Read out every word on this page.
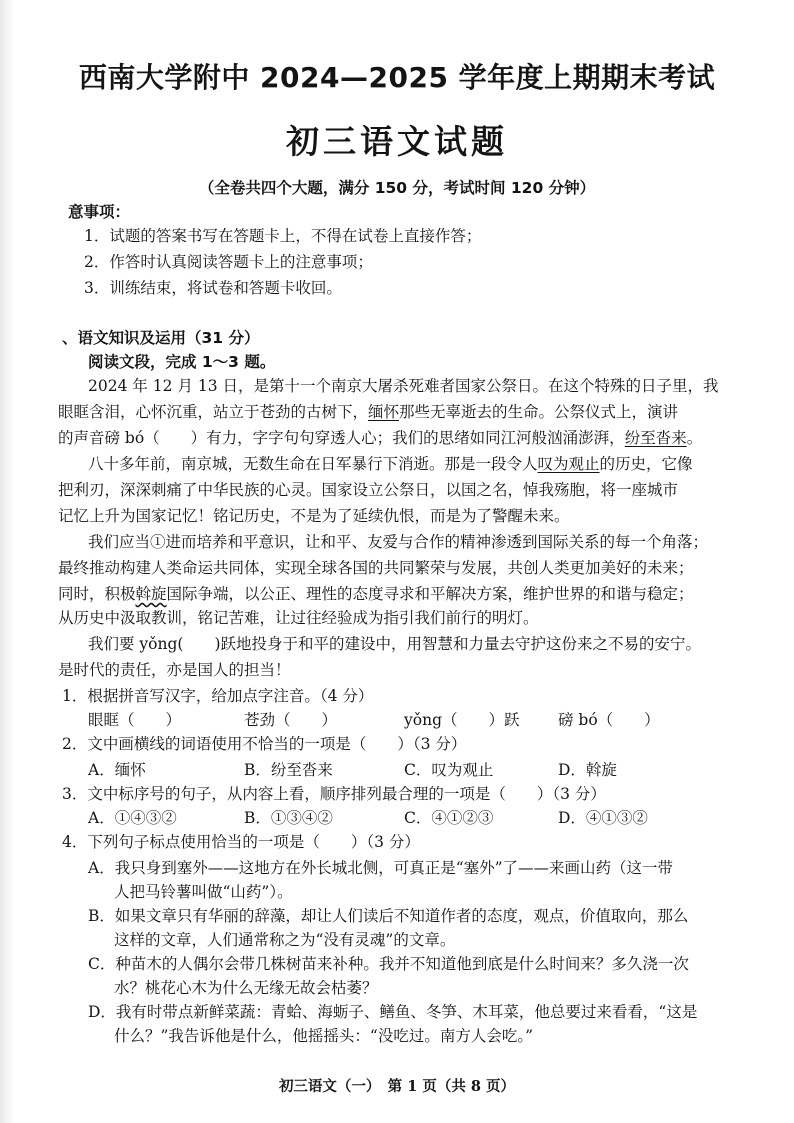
西南大学附中 2024—2025 学年度上期期末考试
初三语文试题
（全卷共四个大题，满分 150 分，考试时间 120 分钟）
意事项：
1．试题的答案书写在答题卡上，不得在试卷上直接作答；
2．作答时认真阅读答题卡上的注意事项；
3．训练结束，将试卷和答题卡收回。
、语文知识及运用（31 分）
阅读文段，完成 1～3 题。
2024 年 12 月 13 日，是第十一个南京大屠杀死难者国家公祭日。在这个特殊的日子里，我
眼眶含泪，心怀沉重，站立于苍劲的古树下，缅怀那些无辜逝去的生命。公祭仪式上，演讲
的声音磅 bó（　　）有力，字字句句穿透人心；我们的思绪如同江河般汹涌澎湃，纷至沓来。
八十多年前，南京城，无数生命在日军暴行下消逝。那是一段令人叹为观止的历史，它像
把利刃，深深刺痛了中华民族的心灵。国家设立公祭日，以国之名，悼我殇胞，将一座城市
记忆上升为国家记忆！铭记历史，不是为了延续仇恨，而是为了警醒未来。
我们应当①进而培养和平意识，让和平、友爱与合作的精神渗透到国际关系的每一个角落；
最终推动构建人类命运共同体，实现全球各国的共同繁荣与发展，共创人类更加美好的未来；
同时，积极斡旋国际争端，以公正、理性的态度寻求和平解决方案，维护世界的和谐与稳定；
从历史中汲取教训，铭记苦难，让过往经验成为指引我们前行的明灯。
我们要 yǒng(　　)跃地投身于和平的建设中，用智慧和力量去守护这份来之不易的安宁。
是时代的责任，亦是国人的担当！
1．根据拼音写汉字，给加点字注音。（4 分）
眼眶（　　）	苍劲（　　）	yǒng（　　）跃 磅 bó（　　）
2．文中画横线的词语使用不恰当的一项是（　　）（3 分）
A．缅怀	B．纷至沓来	C．叹为观止	D．斡旋
3．文中标序号的句子，从内容上看，顺序排列最合理的一项是（　　）（3 分）
A．①④③②	B．①③④②	C．④①②③	D．④①③②
4．下列句子标点使用恰当的一项是（　　）（3 分）
A．我只身到塞外——这地方在外长城北侧，可真正是“塞外”了——来画山药（这一带
人把马铃薯叫做“山药”）。
B．如果文章只有华丽的辞藻，却让人们读后不知道作者的态度，观点，价值取向，那么
这样的文章，人们通常称之为“没有灵魂”的文章。
C．种苗木的人偶尔会带几株树苗来补种。我并不知道他到底是什么时间来？多久浇一次
水？桃花心木为什么无缘无故会枯萎？
D．我有时带点新鲜菜蔬：青蛤、海蛎子、鳝鱼、冬笋、木耳菜，他总要过来看看，“这是
什么？”我告诉他是什么，他摇摇头：“没吃过。南方人会吃。”
初三语文（一）　第 1 页（共 8 页）
